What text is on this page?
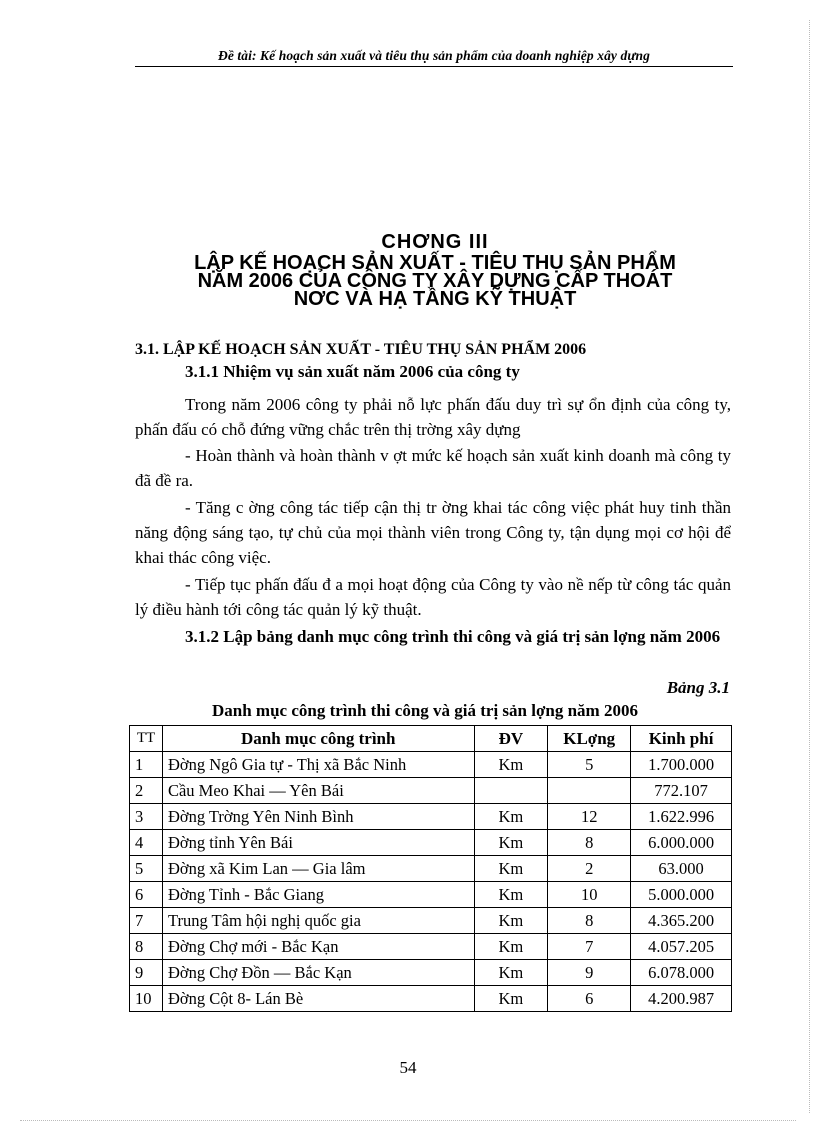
Đề tài: Kế hoạch sản xuất và tiêu thụ sản phẩm của doanh nghiệp xây dựng
CHƠNG III
LẬP KẾ HOẠCH SẢN XUẤT - TIÊU THỤ SẢN PHẨM
NĂM 2006 CỦA CÔNG TY XÂY DỰNG CẤP THOÁT
NƠC VÀ HẠ TẦNG KỸ THUẬT
3.1. LẬP KẾ HOẠCH SẢN XUẤT - TIÊU THỤ SẢN PHẨM 2006
3.1.1 Nhiệm vụ sản xuất năm 2006 của công ty
Trong năm 2006 công ty phải nỗ lực phấn đấu duy trì sự ổn định của công ty, phấn đấu có chỗ đứng vững chắc trên thị trờng xây dựng
- Hoàn thành và hoàn thành v ợt mức kế hoạch sản xuất kinh doanh mà công ty đã đề ra.
- Tăng c ờng công tác tiếp cận thị tr ờng khai tác công việc phát huy tinh thần năng động sáng tạo, tự chủ của mọi thành viên trong Công ty, tận dụng mọi cơ hội để khai thác công việc.
- Tiếp tục phấn đấu đ a mọi hoạt động của Công ty vào nề nếp từ công tác quản lý điều hành tới công tác quản lý kỹ thuật.
3.1.2 Lập bảng danh mục công trình thi công và giá trị sản lợng năm 2006
Bảng 3.1
Danh mục công trình thi công và giá trị sản lợng năm 2006
TT	Danh mục công trình	ĐV	KLợng	Kinh phí
1	Đờng Ngô Gia tự - Thị xã Bắc Ninh	Km	5	1.700.000
2	Cầu Meo Khai — Yên Bái			772.107
3	Đờng Trờng Yên Ninh Bình	Km	12	1.622.996
4	Đờng tỉnh Yên Bái	Km	8	6.000.000
5	Đờng xã Kim Lan — Gia lâm	Km	2	63.000
6	Đờng Tỉnh - Bắc Giang	Km	10	5.000.000
7	Trung Tâm hội nghị quốc gia	Km	8	4.365.200
8	Đờng Chợ mới - Bắc Kạn	Km	7	4.057.205
9	Đờng Chợ Đồn — Bắc Kạn	Km	9	6.078.000
10	Đờng Cột 8- Lán Bè	Km	6	4.200.987
54
